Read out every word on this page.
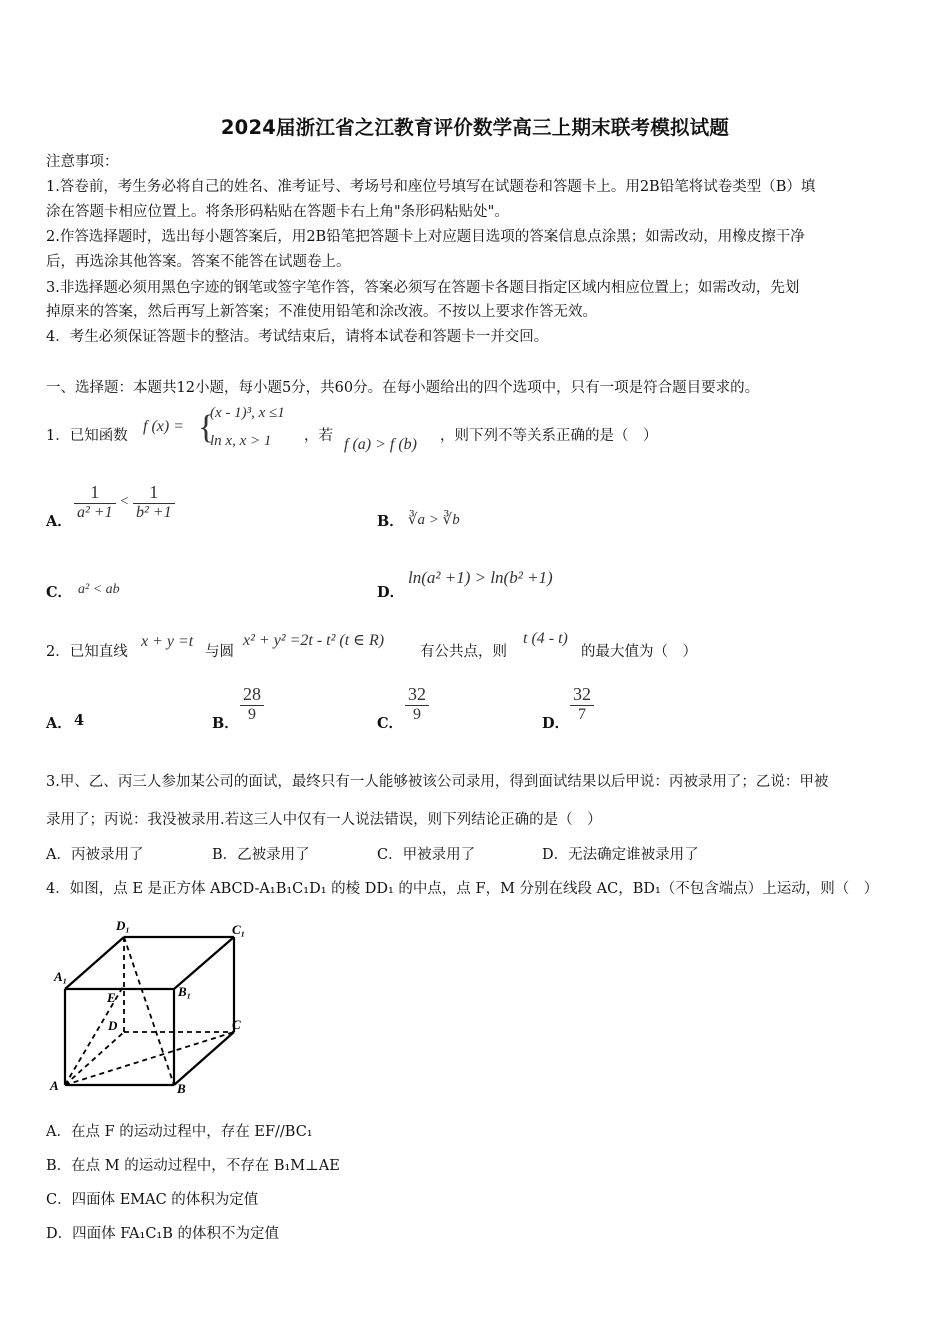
2024届浙江省之江教育评价数学高三上期末联考模拟试题
注意事项：
1.答卷前，考生务必将自己的姓名、准考证号、考场号和座位号填写在试题卷和答题卡上。用2B铅笔将试卷类型（B）填
涂在答题卡相应位置上。将条形码粘贴在答题卡右上角"条形码粘贴处"。
2.作答选择题时，选出每小题答案后，用2B铅笔把答题卡上对应题目选项的答案信息点涂黑；如需改动，用橡皮擦干净
后，再选涂其他答案。答案不能答在试题卷上。
3.非选择题必须用黑色字迹的钢笔或签字笔作答，答案必须写在答题卡各题目指定区域内相应位置上；如需改动，先划
掉原来的答案，然后再写上新答案；不准使用铅笔和涂改液。不按以上要求作答无效。
4．考生必须保证答题卡的整洁。考试结束后，请将本试卷和答题卡一并交回。
一、选择题：本题共12小题，每小题5分，共60分。在每小题给出的四个选项中，只有一项是符合题目要求的。
1．已知函数
f (x) = {
(x - 1)³, x ≤1
ln x, x > 1 ，若 f (a) > f (b) ，则下列不等关系正确的是（　）
A． $\frac{1}{\text{a² +1}} < \frac{1}{\text{b² +1}}$	B． ∛a > ∛b
C． a² < ab	D．
ln(a² +1) > ln(b² +1)
2．已知直线
x + y =t
与圆
x² + y² =2t - t² (t ∈ R)
有公共点，则
t (4 - t)
的最大值为（　）
A． 4	B． $\frac{28}{9}$	C． $\frac{32}{9}$	D． $\frac{32}{7}$
3.甲、乙、丙三人参加某公司的面试，最终只有一人能够被该公司录用，得到面试结果以后甲说：丙被录用了；乙说：甲被
录用了；丙说：我没被录用.若这三人中仅有一人说法错误，则下列结论正确的是（　）
A．丙被录用了	B．乙被录用了	C．甲被录用了	D．无法确定谁被录用了
4．如图，点 E 是正方体 ABCD-A₁B₁C₁D₁ 的棱 DD₁ 的中点，点 F，M 分别在线段 AC，BD₁（不包含端点）上运动，则（　）
D₁	C₁
A₁
B₁
E
D	C
A	B
A．在点 F 的运动过程中，存在 EF//BC₁
B．在点 M 的运动过程中，不存在 B₁M⊥AE
C．四面体 EMAC 的体积为定值
D．四面体 FA₁C₁B 的体积不为定值
